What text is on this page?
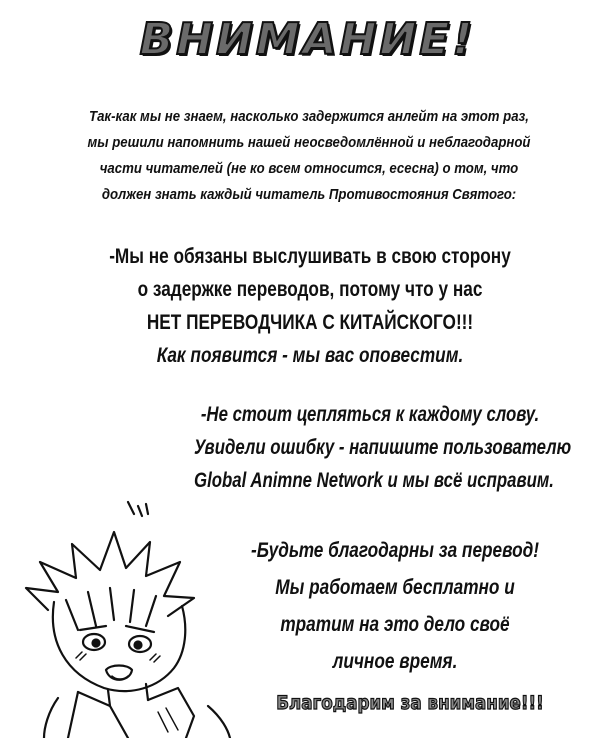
ВНИМАНИЕ!
Так-как мы не знаем, насколько задержится анлейт на этот раз,
мы решили напомнить нашей неосведомлённой и неблагодарной
части читателей (не ко всем относится, есесна) о том, что
должен знать каждый читатель Противостояния Святого:
-Мы не обязаны выслушивать в свою сторону
о задержке переводов, потому что у нас
НЕТ ПЕРЕВОДЧИКА С КИТАЙСКОГО!!!
Как появится - мы вас оповестим.
-Не стоит цепляться к каждому слову.
Увидели ошибку - напишите пользователю
Global Animne Network и мы всё исправим.
-Будьте благодарны за перевод!
Мы работаем бесплатно и
тратим на это дело своё
личное время.
Благодарим за внимание!!!
